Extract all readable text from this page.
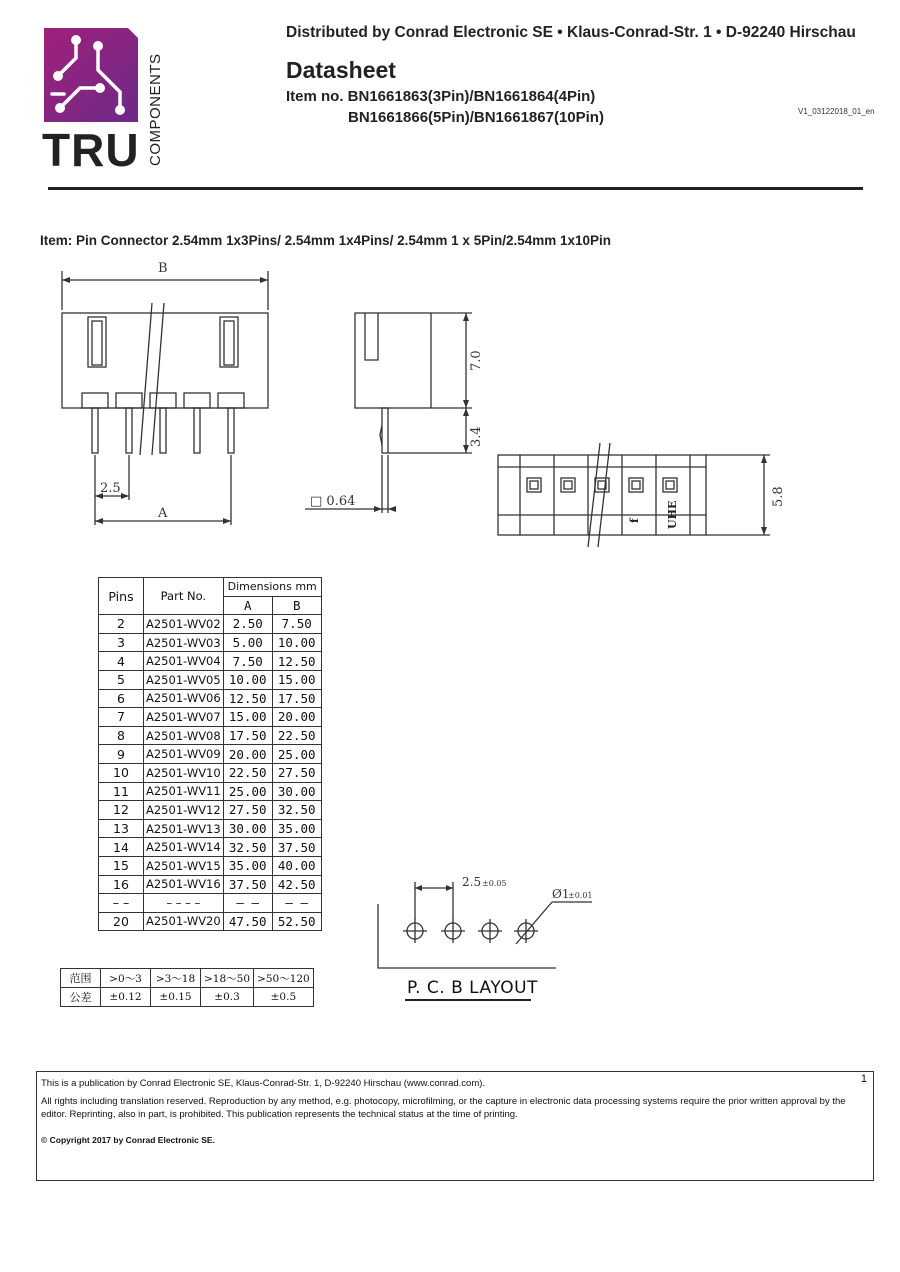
TRU COMPONENTS
Distributed by Conrad Electronic SE • Klaus-Conrad-Str. 1 • D-92240 Hirschau
Datasheet
Item no. BN1661863(3Pin)/BN1661864(4Pin)
BN1661866(5Pin)/BN1661867(10Pin)	V1_03122018_01_en
Item: Pin Connector 2.54mm 1x3Pins/ 2.54mm 1x4Pins/ 2.54mm 1 x 5Pin/2.54mm 1x10Pin
B
2.5
A
□ 0.64
7.0
3.4
5.8
f UHE
Pins	Part No.	Dimensions mm	
		A	B
2	A2501-WV02	2.50	7.50
3	A2501-WV03	5.00	10.00
4	A2501-WV04	7.50	12.50
5	A2501-WV05	10.00	15.00
6	A2501-WV06	12.50	17.50
7	A2501-WV07	15.00	20.00
8	A2501-WV08	17.50	22.50
9	A2501-WV09	20.00	25.00
10	A2501-WV10	22.50	27.50
11	A2501-WV11	25.00	30.00
12	A2501-WV12	27.50	32.50
13	A2501-WV13	30.00	35.00
14	A2501-WV14	32.50	37.50
15	A2501-WV15	35.00	40.00
16	A2501-WV16	37.50	42.50
– –	– – – –	– –	– –
20	A2501-WV20	47.50	52.50
范围	>0～3	>3～18	>18～50	>50～120
公差	±0.12	±0.15	±0.3	±0.5
2.5 ±0.05
Ø1
±0.01
P. C. B LAYOUT
This is a publication by Conrad Electronic SE, Klaus-Conrad-Str. 1, D-92240 Hirschau (www.conrad.com).
All rights including translation reserved. Reproduction by any method, e.g. photocopy, microfilming, or the capture in electronic data processing systems require the prior written approval by the editor. Reprinting, also in part, is prohibited. This publication represents the technical status at the time of printing.
© Copyright 2017 by Conrad Electronic SE.
1
